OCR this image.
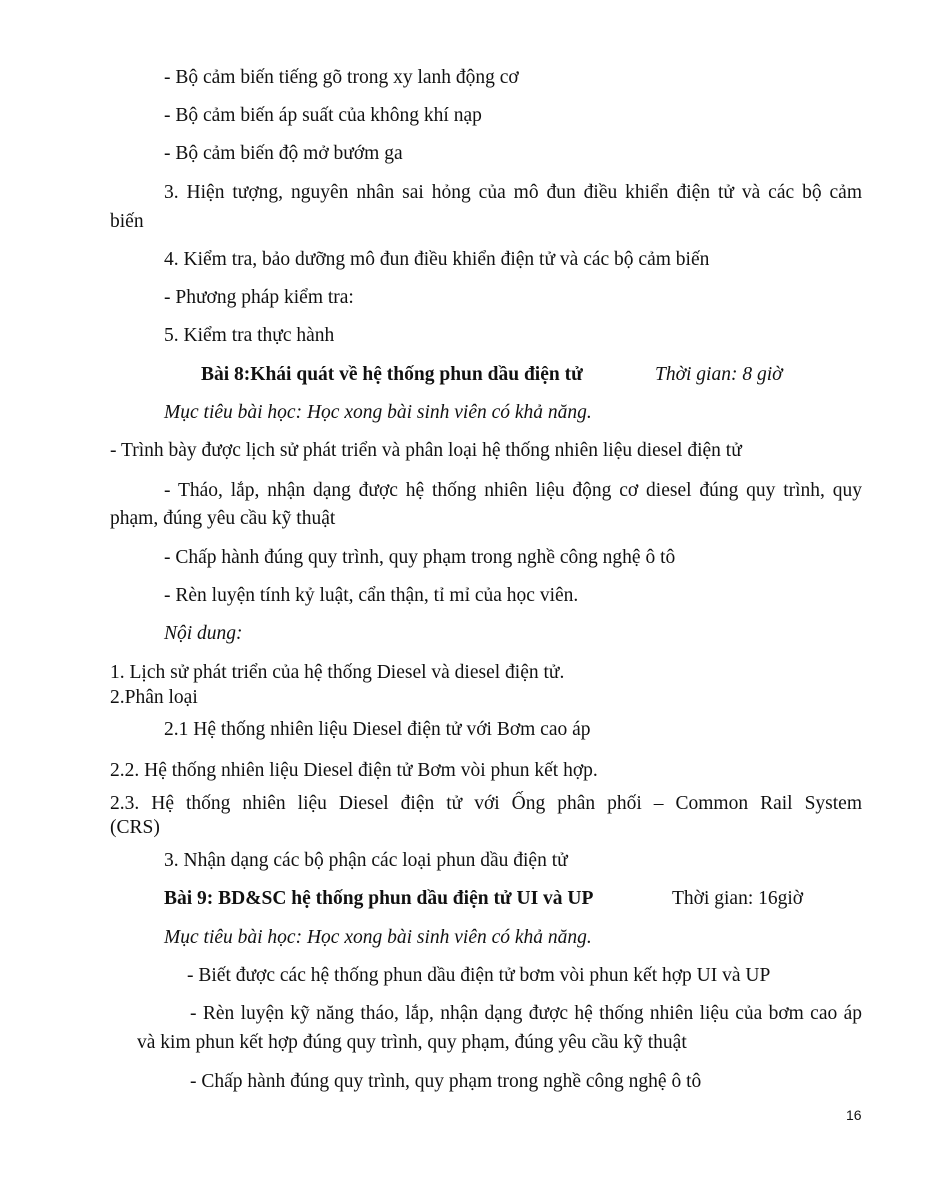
- Bộ cảm biến tiếng gõ trong xy lanh động cơ
- Bộ cảm biến áp suất của không khí nạp
- Bộ cảm biến độ mở bướm ga
3. Hiện tượng, nguyên nhân sai hỏng của mô đun điều khiển điện tử và các bộ cảm
biến
4. Kiểm tra, bảo dưỡng mô đun điều khiển điện tử và các bộ cảm biến
- Phương pháp kiểm tra:
5. Kiểm tra thực hành
Bài 8:Khái quát về hệ thống phun dầu điện tử	Thời gian: 8 giờ
Mục tiêu bài học: Học xong bài sinh viên có khả năng.
- Trình bày được lịch sử phát triển và phân loại hệ thống nhiên liệu diesel điện tử
- Tháo, lắp, nhận dạng được hệ thống nhiên liệu động cơ diesel đúng quy trình, quy
phạm, đúng yêu cầu kỹ thuật
- Chấp hành đúng quy trình, quy phạm trong nghề công nghệ ô tô
- Rèn luyện tính kỷ luật, cẩn thận, tỉ mỉ của học viên.
Nội dung:
1. Lịch sử phát triển của hệ thống Diesel và diesel điện tử.
2.Phân loại
2.1 Hệ thống nhiên liệu Diesel điện tử với Bơm cao áp
2.2. Hệ thống nhiên liệu Diesel điện tử Bơm vòi phun kết hợp.
2.3. Hệ thống nhiên liệu Diesel điện tử với Ống phân phối – Common Rail System
(CRS)
3. Nhận dạng các bộ phận các loại phun dầu điện tử
Bài 9: BD&SC hệ thống phun dầu điện tử UI và UP	Thời gian: 16giờ
Mục tiêu bài học: Học xong bài sinh viên có khả năng.
- Biết được các hệ thống phun dầu điện tử bơm vòi phun kết hợp UI và UP
- Rèn luyện kỹ năng tháo, lắp, nhận dạng được hệ thống nhiên liệu của bơm cao áp
và kim phun kết hợp đúng quy trình, quy phạm, đúng yêu cầu kỹ thuật
- Chấp hành đúng quy trình, quy phạm trong nghề công nghệ ô tô
16
